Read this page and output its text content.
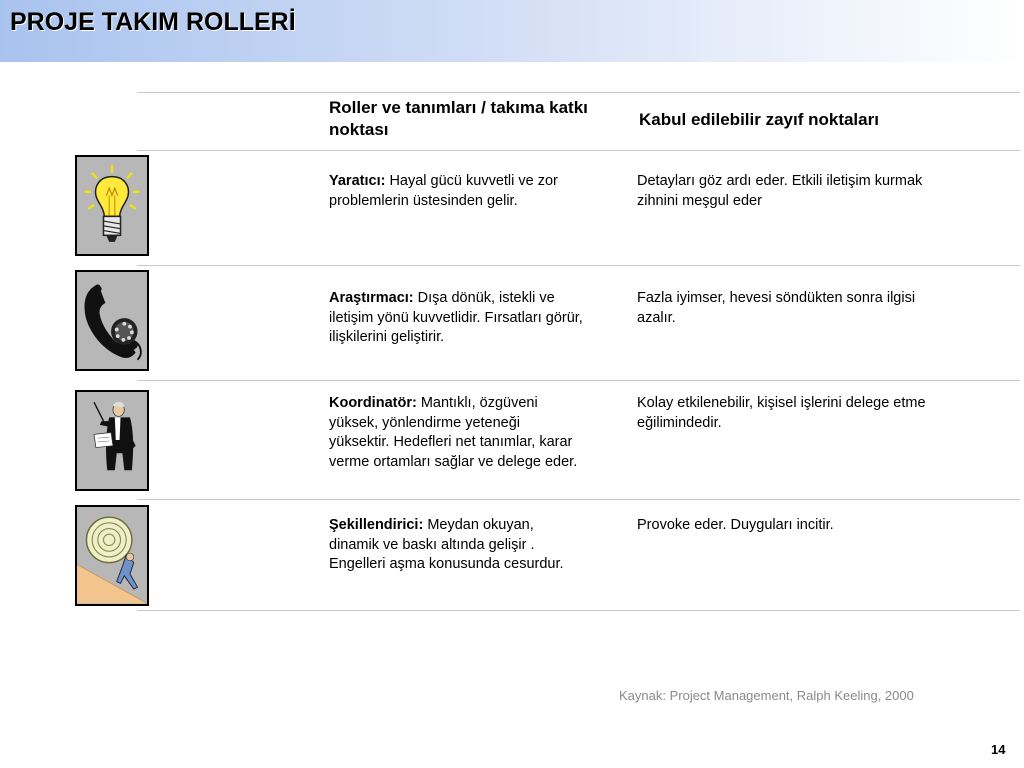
PROJE TAKIM ROLLERİ
Roller ve tanımları / takıma katkı noktası
Kabul edilebilir zayıf noktaları
Yaratıcı: Hayal gücü kuvvetli ve zor problemlerin üstesinden gelir.
Detayları göz ardı eder. Etkili iletişim kurmak zihnini meşgul eder
Araştırmacı: Dışa dönük, istekli ve iletişim yönü kuvvetlidir. Fırsatları görür, ilişkilerini geliştirir.
Fazla iyimser, hevesi söndükten sonra ilgisi azalır.
Koordinatör: Mantıklı, özgüveni yüksek, yönlendirme yeteneği yüksektir. Hedefleri net tanımlar, karar verme ortamları sağlar ve delege eder.
Kolay etkilenebilir, kişisel işlerini delege etme eğilimindedir.
Şekillendirici: Meydan okuyan, dinamik ve baskı altında gelişir . Engelleri aşma konusunda cesurdur.
Provoke eder. Duyguları incitir.
Kaynak: Project Management, Ralph Keeling, 2000
14
